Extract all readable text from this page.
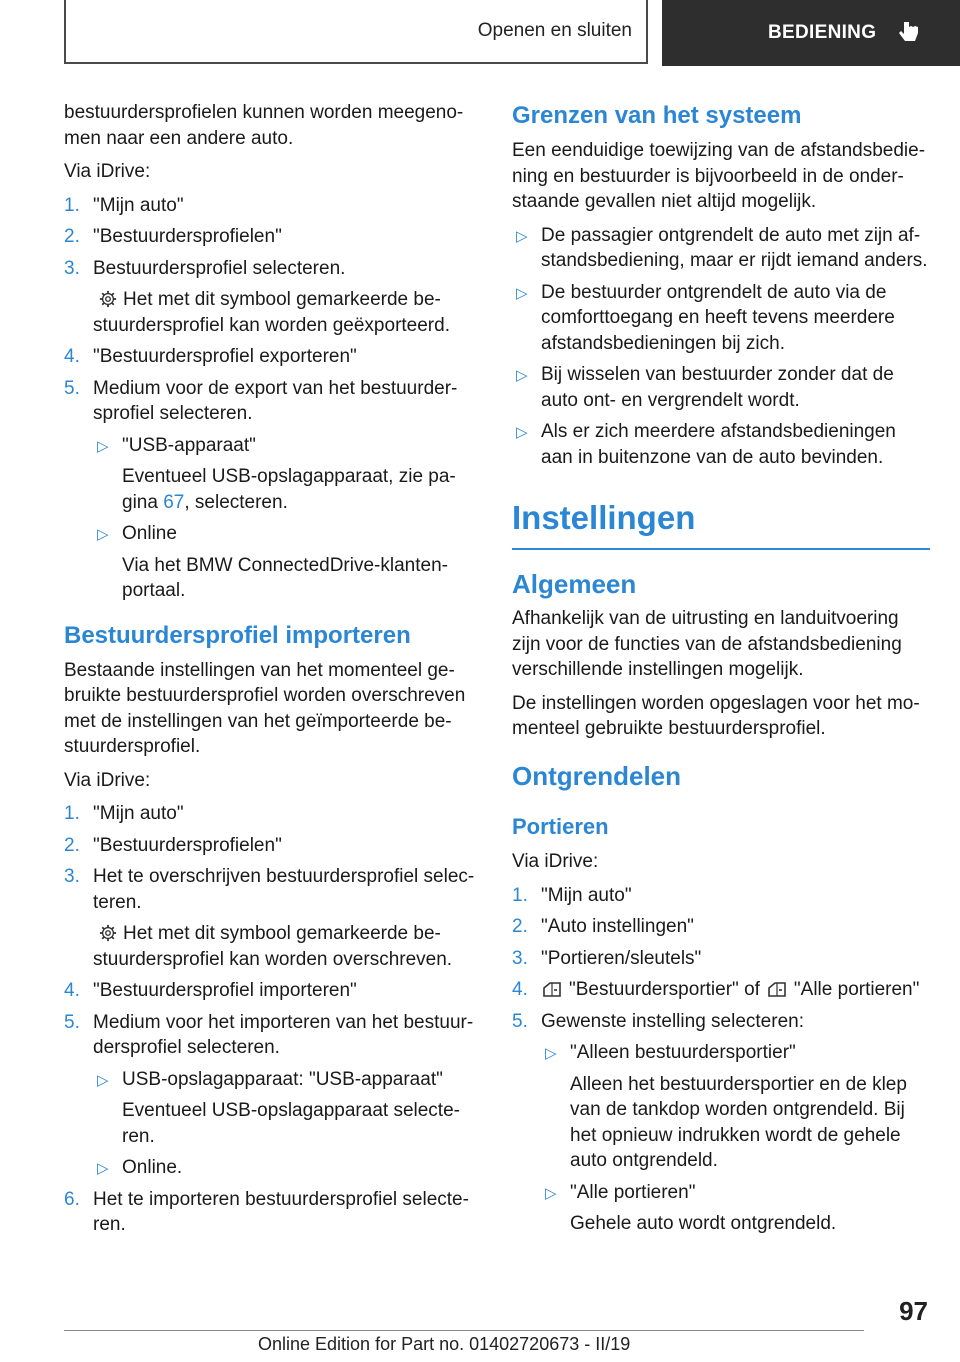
Openen en sluiten	BEDIENING

bestuurdersprofielen kunnen worden meegeno-men naar een andere auto.

Via iDrive:

1. "Mijn auto"
2. "Bestuurdersprofielen"
3. Bestuurdersprofiel selecteren.
Het met dit symbool gemarkeerde be-stuurdersprofiel kan worden geëxporteerd.
4. "Bestuurdersprofiel exporteren"
5. Medium voor de export van het bestuurder-sprofiel selecteren.
▷ "USB-apparaat"
Eventueel USB-opslagapparaat, zie pa-gina 67, selecteren.
▷ Online
Via het BMW ConnectedDrive-klanten-portaal.
Bestuurdersprofiel importeren

Bestaande instellingen van het momenteel ge-bruikte bestuurdersprofiel worden overschreven met de instellingen van het geïmporteerde be-stuurdersprofiel.

Via iDrive:

1. "Mijn auto"
2. "Bestuurdersprofielen"
3. Het te overschrijven bestuurdersprofiel selec-teren.
Het met dit symbool gemarkeerde be-stuurdersprofiel kan worden overschreven.
4. "Bestuurdersprofiel importeren"
5. Medium voor het importeren van het bestuur-dersprofiel selecteren.
▷ USB-opslagapparaat: "USB-apparaat"
Eventueel USB-opslagapparaat selecte-ren.
▷ Online.
6. Het te importeren bestuurdersprofiel selecte-ren.
Grenzen van het systeem

Een eenduidige toewijzing van de afstandsbedie-ning en bestuurder is bijvoorbeeld in de onder-staande gevallen niet altijd mogelijk.

▷ De passagier ontgrendelt de auto met zijn af-standsbediening, maar er rijdt iemand anders.
▷ De bestuurder ontgrendelt de auto via de comforttoegang en heeft tevens meerdere afstandsbedieningen bij zich.
▷ Bij wisselen van bestuurder zonder dat de auto ont- en vergrendelt wordt.
▷ Als er zich meerdere afstandsbedieningen aan in buitenzone van de auto bevinden.
Instellingen
Algemeen

Afhankelijk van de uitrusting en landuitvoering zijn voor de functies van de afstandsbediening verschillende instellingen mogelijk.

De instellingen worden opgeslagen voor het mo-menteel gebruikte bestuurdersprofiel.

Ontgrendelen
Portieren

Via iDrive:

1. "Mijn auto"
2. "Auto instellingen"
3. "Portieren/sleutels"
4. "Bestuurdersportier" of "Alle portieren"
5. Gewenste instelling selecteren:
▷ "Alleen bestuurdersportier"
Alleen het bestuurdersportier en de klep van de tankdop worden ontgrendeld. Bij het opnieuw indrukken wordt de gehele auto ontgrendeld.
▷ "Alle portieren"
Gehele auto wordt ontgrendeld.
97
Online Edition for Part no. 01402720673 - II/19
